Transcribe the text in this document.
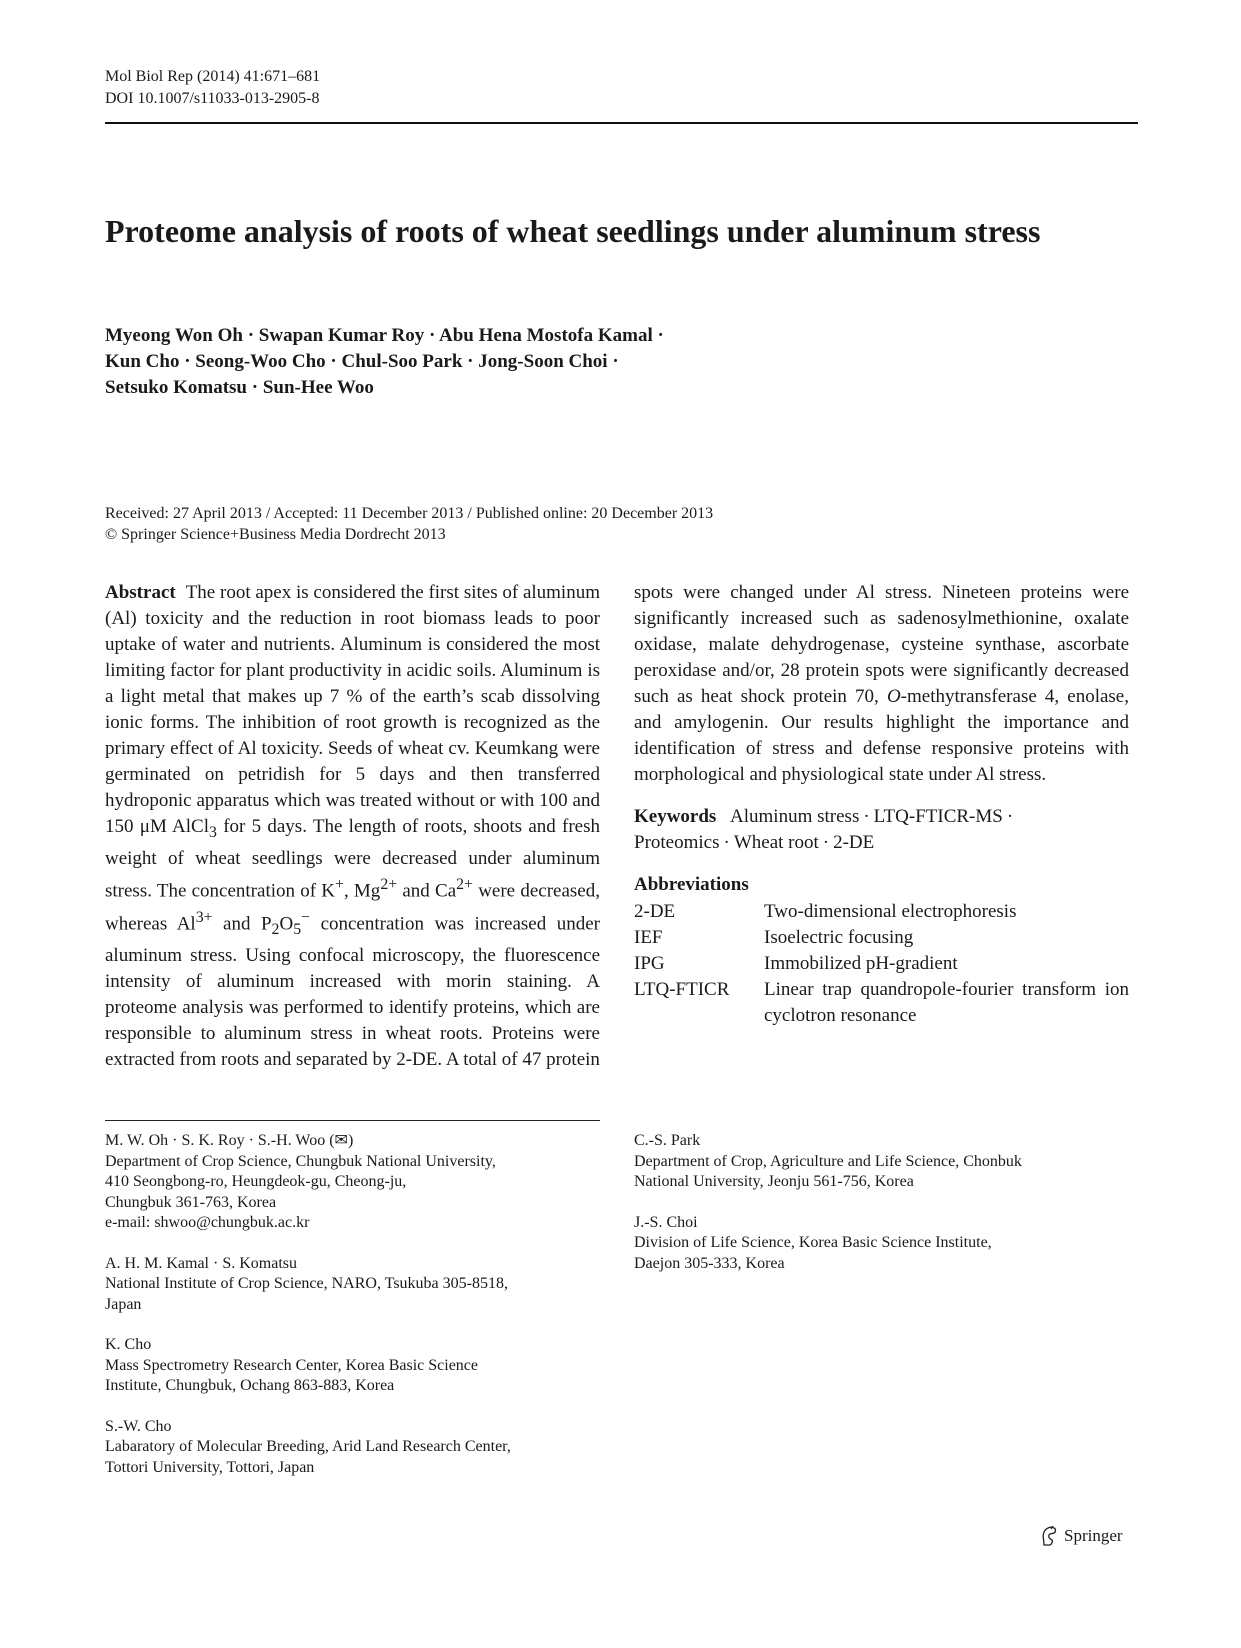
Mol Biol Rep (2014) 41:671–681
DOI 10.1007/s11033-013-2905-8
Proteome analysis of roots of wheat seedlings under aluminum stress
Myeong Won Oh · Swapan Kumar Roy · Abu Hena Mostofa Kamal ·
Kun Cho · Seong-Woo Cho · Chul-Soo Park · Jong-Soon Choi ·
Setsuko Komatsu · Sun-Hee Woo
Received: 27 April 2013 / Accepted: 11 December 2013 / Published online: 20 December 2013
© Springer Science+Business Media Dordrecht 2013
Abstract The root apex is considered the first sites of aluminum (Al) toxicity and the reduction in root biomass leads to poor uptake of water and nutrients. Aluminum is considered the most limiting factor for plant productivity in acidic soils. Aluminum is a light metal that makes up 7 % of the earth’s scab dissolving ionic forms. The inhibition of root growth is recognized as the primary effect of Al toxicity. Seeds of wheat cv. Keumkang were germinated on petridish for 5 days and then transferred hydroponic apparatus which was treated without or with 100 and 150 μM AlCl$_3$ for 5 days. The length of roots, shoots and fresh weight of wheat seedlings were decreased under aluminum stress. The concentration of K+, $Mg^{2+}$ and $Ca^{2+}$ were decreased, whereas $Al^{3+}$ and $P_2O_5^-$ concentration was increased under aluminum stress. Using confocal microscopy, the fluorescence intensity of aluminum increased with morin staining. A proteome analysis was performed to identify proteins, which are responsible to aluminum stress in wheat roots. Proteins were extracted from roots and separated by 2-DE. A total of 47 protein
spots were changed under Al stress. Nineteen proteins were significantly increased such as sadenosylmethionine, oxalate oxidase, malate dehydrogenase, cysteine synthase, ascorbate peroxidase and/or, 28 protein spots were significantly decreased such as heat shock protein 70, O-methytransferase 4, enolase, and amylogenin. Our results highlight the importance and identification of stress and defense responsive proteins with morphological and physiological state under Al stress.
Keywords Aluminum stress · LTQ-FTICR-MS ·
Proteomics · Wheat root · 2-DE
Abbreviations
2-DE	Two-dimensional electrophoresis
IEF	Isoelectric focusing
IPG	Immobilized pH-gradient
LTQ-FTICR	Linear trap quandropole-fourier transform ion cyclotron resonance
M. W. Oh · S. K. Roy · S.-H. Woo (✉)
Department of Crop Science, Chungbuk National University,
410 Seongbong-ro, Heungdeok-gu, Cheong-ju,
Chungbuk 361-763, Korea
e-mail: shwoo@chungbuk.ac.kr
A. H. M. Kamal · S. Komatsu
National Institute of Crop Science, NARO, Tsukuba 305-8518,
Japan
K. Cho
Mass Spectrometry Research Center, Korea Basic Science
Institute, Chungbuk, Ochang 863-883, Korea
S.-W. Cho
Labaratory of Molecular Breeding, Arid Land Research Center,
Tottori University, Tottori, Japan
C.-S. Park
Department of Crop, Agriculture and Life Science, Chonbuk
National University, Jeonju 561-756, Korea
J.-S. Choi
Division of Life Science, Korea Basic Science Institute,
Daejon 305-333, Korea
Springer
